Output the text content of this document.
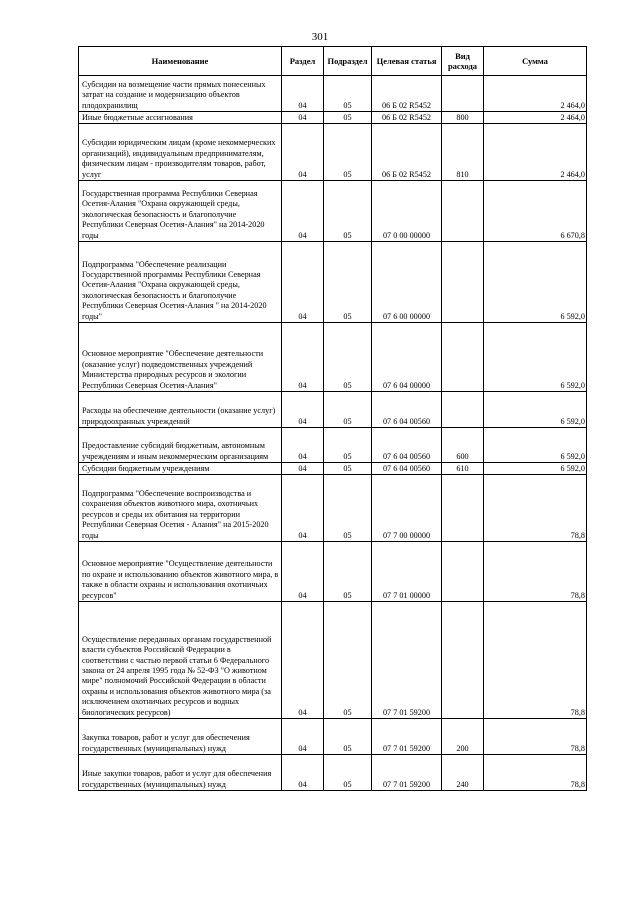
301
Наименование	Раздел	Подраздел	Целевая статья	Вид расхода	Сумма
Субсидии на возмещение части прямых понесенных затрат на создание и модернизацию объектов плодохранилищ	04	05	06 Б 02 R5452		2 464,0
Иные бюджетные ассигнования	04	05	06 Б 02 R5452	800	2 464,0
Субсидии юридическим лицам (кроме некоммерческих организаций), индивидуальным предпринимателям, физическим лицам - производителям товаров, работ, услуг	04	05	06 Б 02 R5452	810	2 464,0
Государственная программа Республики Северная Осетия-Алания "Охрана окружающей среды, экологическая безопасность и благополучие Республики Северная Осетия-Алания" на 2014-2020 годы	04	05	07 0 00 00000		6 670,8
Подпрограмма "Обеспечение реализации Государственной программы Республики Северная Осетия-Алания "Охрана окружающей среды, экологическая безопасность и благополучие Республики Северная Осетия-Алания " на 2014-2020 годы"	04	05	07 6 00 00000		6 592,0
Основное мероприятие "Обеспечение деятельности (оказание услуг) подведомственных учреждений Министерства природных ресурсов и экологии Республики Северная Осетия-Алания"	04	05	07 6 04 00000		6 592,0
Расходы на обеспечение деятельности (оказание услуг) природоохранных учреждений	04	05	07 6 04 00560		6 592,0
Предоставление субсидий бюджетным, автономным учреждениям и иным некоммерческим организациям	04	05	07 6 04 00560	600	6 592,0
Субсидии бюджетным учреждениям	04	05	07 6 04 00560	610	6 592,0
Подпрограмма "Обеспечение воспроизводства и сохранения объектов животного мира, охотничьих ресурсов и среды их обитания на территории Республики Северная Осетия - Алания" на 2015-2020 годы	04	05	07 7 00 00000		78,8
Основное мероприятие "Осуществление деятельности по охране и использованию объектов животного мира, в также в области охраны и использования охотничьих ресурсов"	04	05	07 7 01 00000		78,8
Осуществление переданных органам государственной власти субъектов Российской Федерации в соответствии с частью первой статьи 6 Федерального закона от 24 апреля 1995 года № 52-ФЗ "О животном мире" полномочий Российской Федерации в области охраны и использования объектов животного мира (за исключением охотничьих ресурсов и водных биологических ресурсов)	04	05	07 7 01 59200		78,8
Закупка товаров, работ и услуг для обеспечения государственных (муниципальных) нужд	04	05	07 7 01 59200	200	78,8
Иные закупки товаров, работ и услуг для обеспечения государственных (муниципальных) нужд	04	05	07 7 01 59200	240	78,8
